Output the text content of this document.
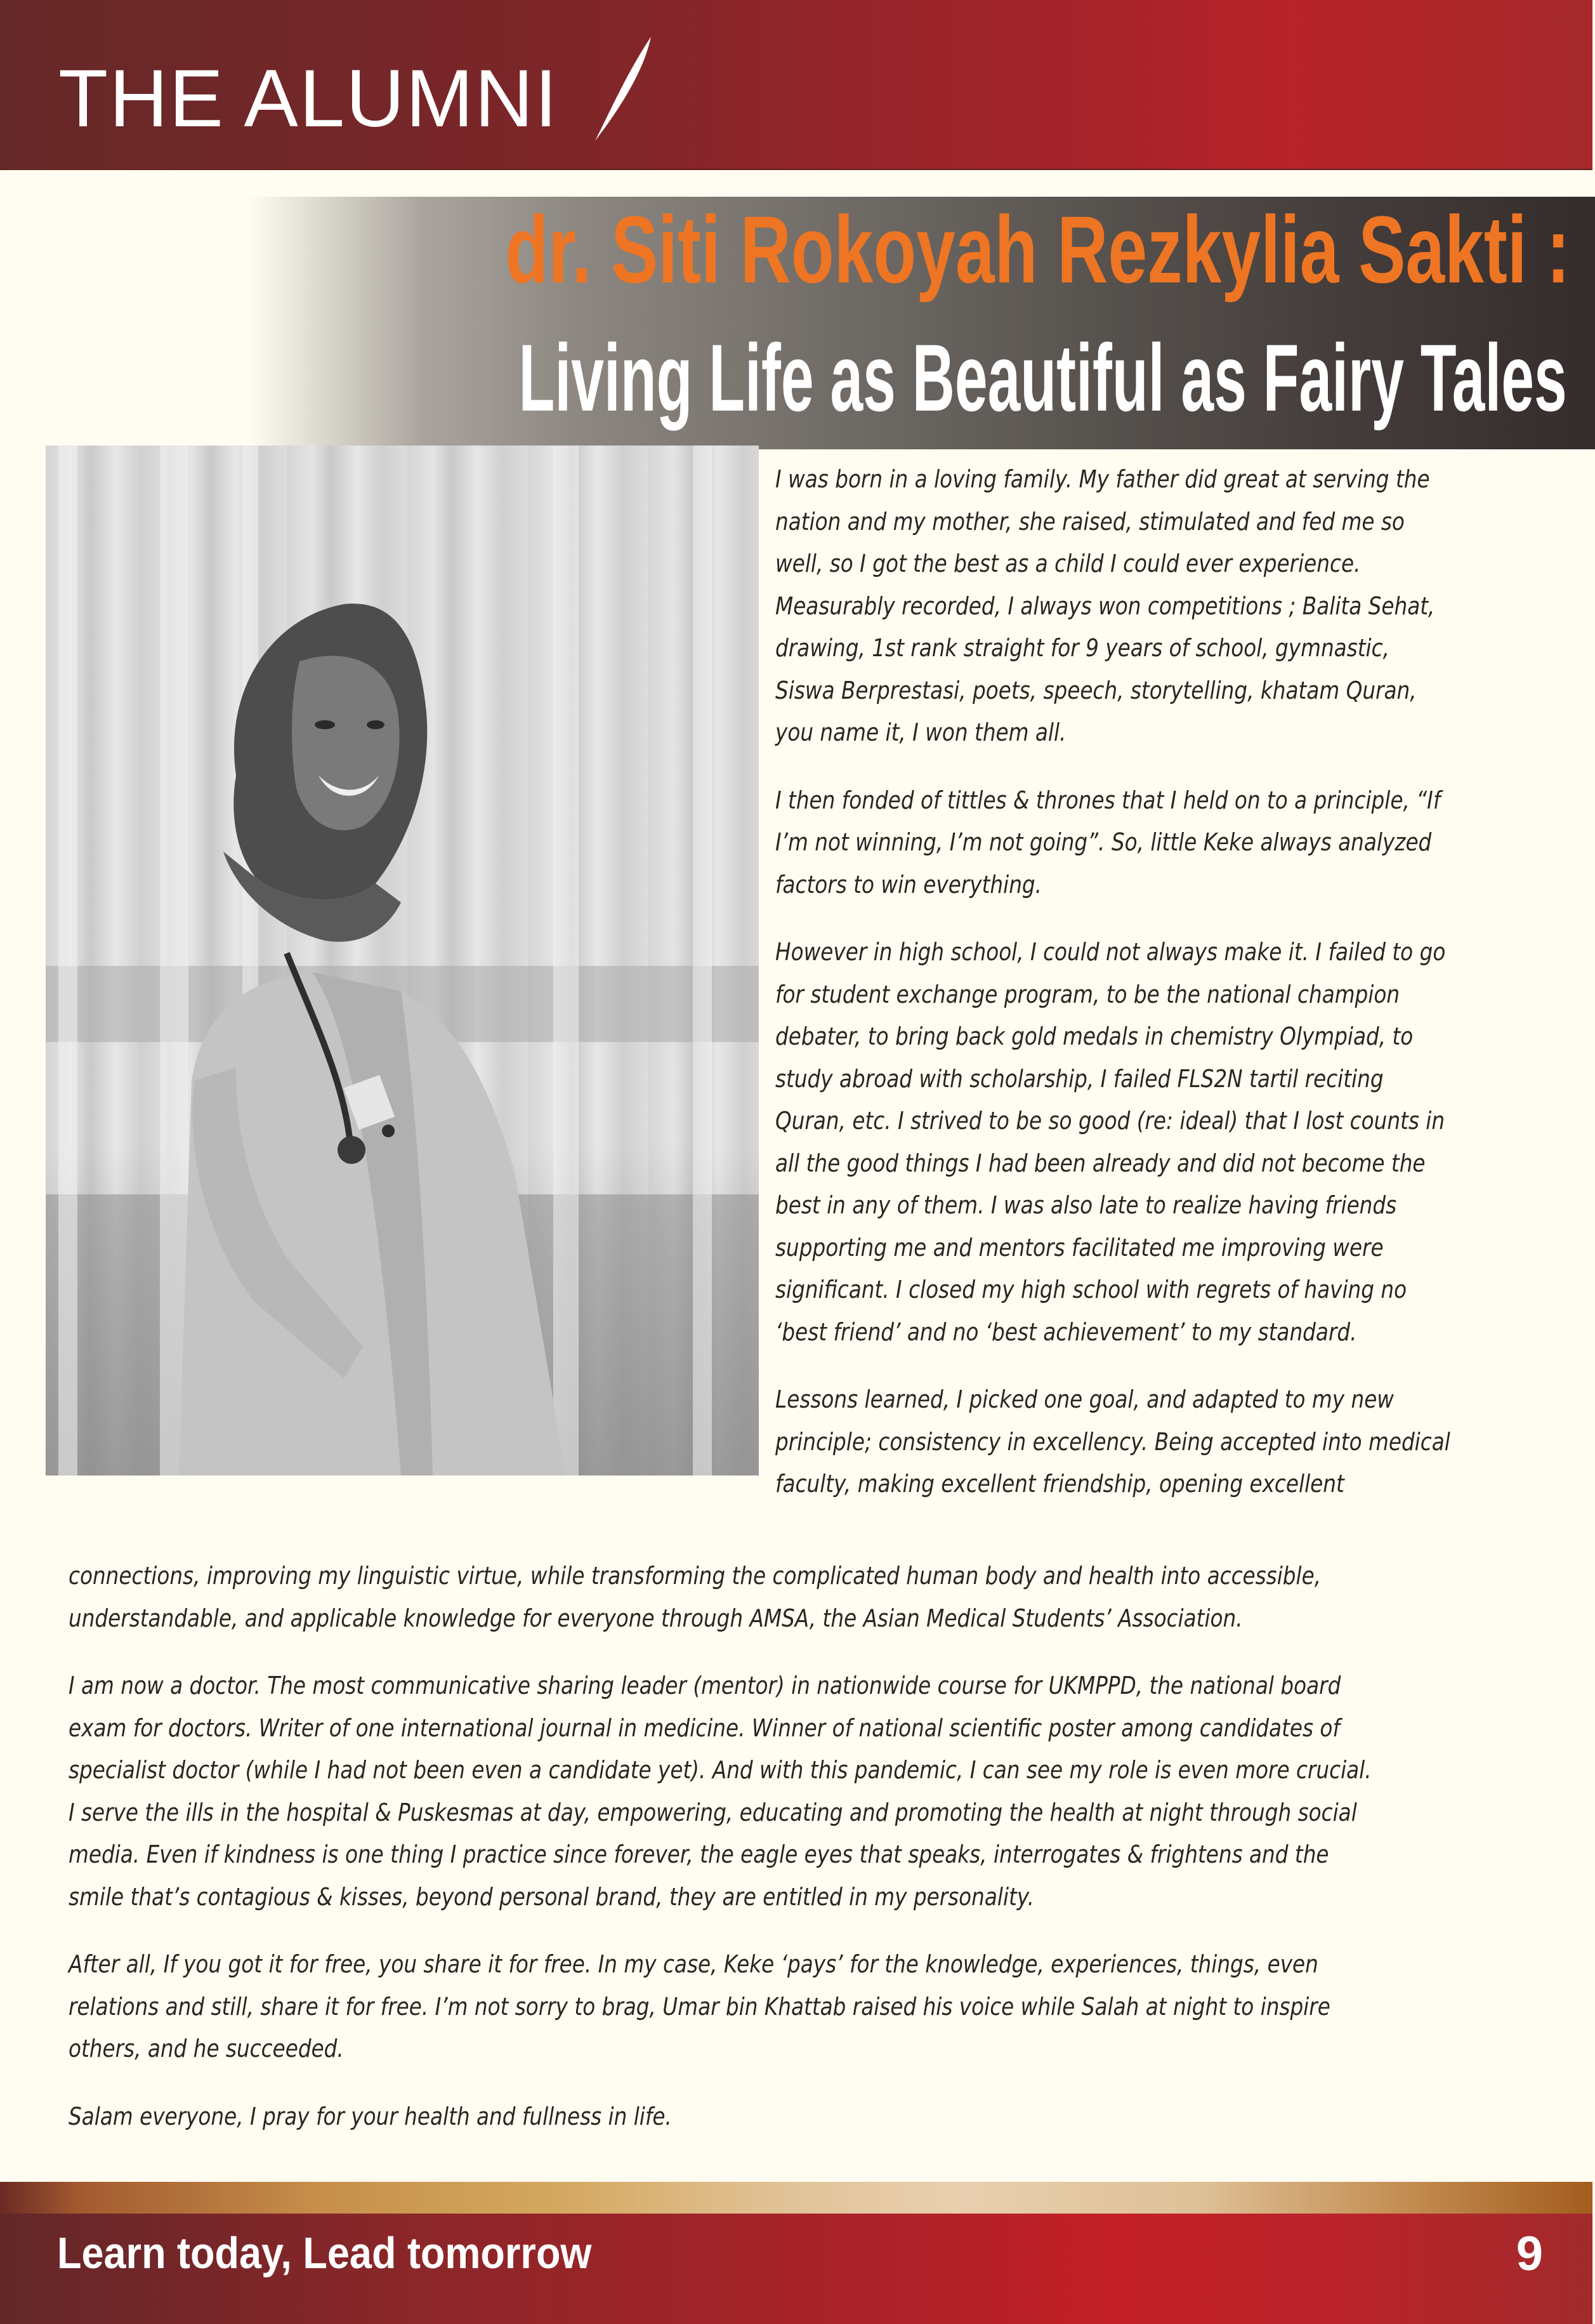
THE ALUMNI
dr. Siti Rokoyah Rezkylia Sakti :
Living Life as Beautiful as Fairy Tales
I was born in a loving family. My father did great at serving the
nation and my mother, she raised, stimulated and fed me so
well, so I got the best as a child I could ever experience.
Measurably recorded, I always won competitions ; Balita Sehat,
drawing, 1st rank straight for 9 years of school, gymnastic,
Siswa Berprestasi, poets, speech, storytelling, khatam Quran,
you name it, I won them all.
I then fonded of tittles & thrones that I held on to a principle, “If
I’m not winning, I’m not going”. So, little Keke always analyzed
factors to win everything.
However in high school, I could not always make it. I failed to go
for student exchange program, to be the national champion
debater, to bring back gold medals in chemistry Olympiad, to
study abroad with scholarship, I failed FLS2N tartil reciting
Quran, etc. I strived to be so good (re: ideal) that I lost counts in
all the good things I had been already and did not become the
best in any of them. I was also late to realize having friends
supporting me and mentors facilitated me improving were
significant. I closed my high school with regrets of having no
‘best friend’ and no ‘best achievement’ to my standard.
Lessons learned, I picked one goal, and adapted to my new
principle; consistency in excellency. Being accepted into medical
faculty, making excellent friendship, opening excellent
connections, improving my linguistic virtue, while transforming the complicated human body and health into accessible,
understandable, and applicable knowledge for everyone through AMSA, the Asian Medical Students’ Association.
I am now a doctor. The most communicative sharing leader (mentor) in nationwide course for UKMPPD, the national board
exam for doctors. Writer of one international journal in medicine. Winner of national scientific poster among candidates of
specialist doctor (while I had not been even a candidate yet). And with this pandemic, I can see my role is even more crucial.
I serve the ills in the hospital & Puskesmas at day, empowering, educating and promoting the health at night through social
media. Even if kindness is one thing I practice since forever, the eagle eyes that speaks, interrogates & frightens and the
smile that’s contagious & kisses, beyond personal brand, they are entitled in my personality.
After all, If you got it for free, you share it for free. In my case, Keke ‘pays’ for the knowledge, experiences, things, even
relations and still, share it for free. I’m not sorry to brag, Umar bin Khattab raised his voice while Salah at night to inspire
others, and he succeeded.
Salam everyone, I pray for your health and fullness in life.
Learn today, Lead tomorrow	9
